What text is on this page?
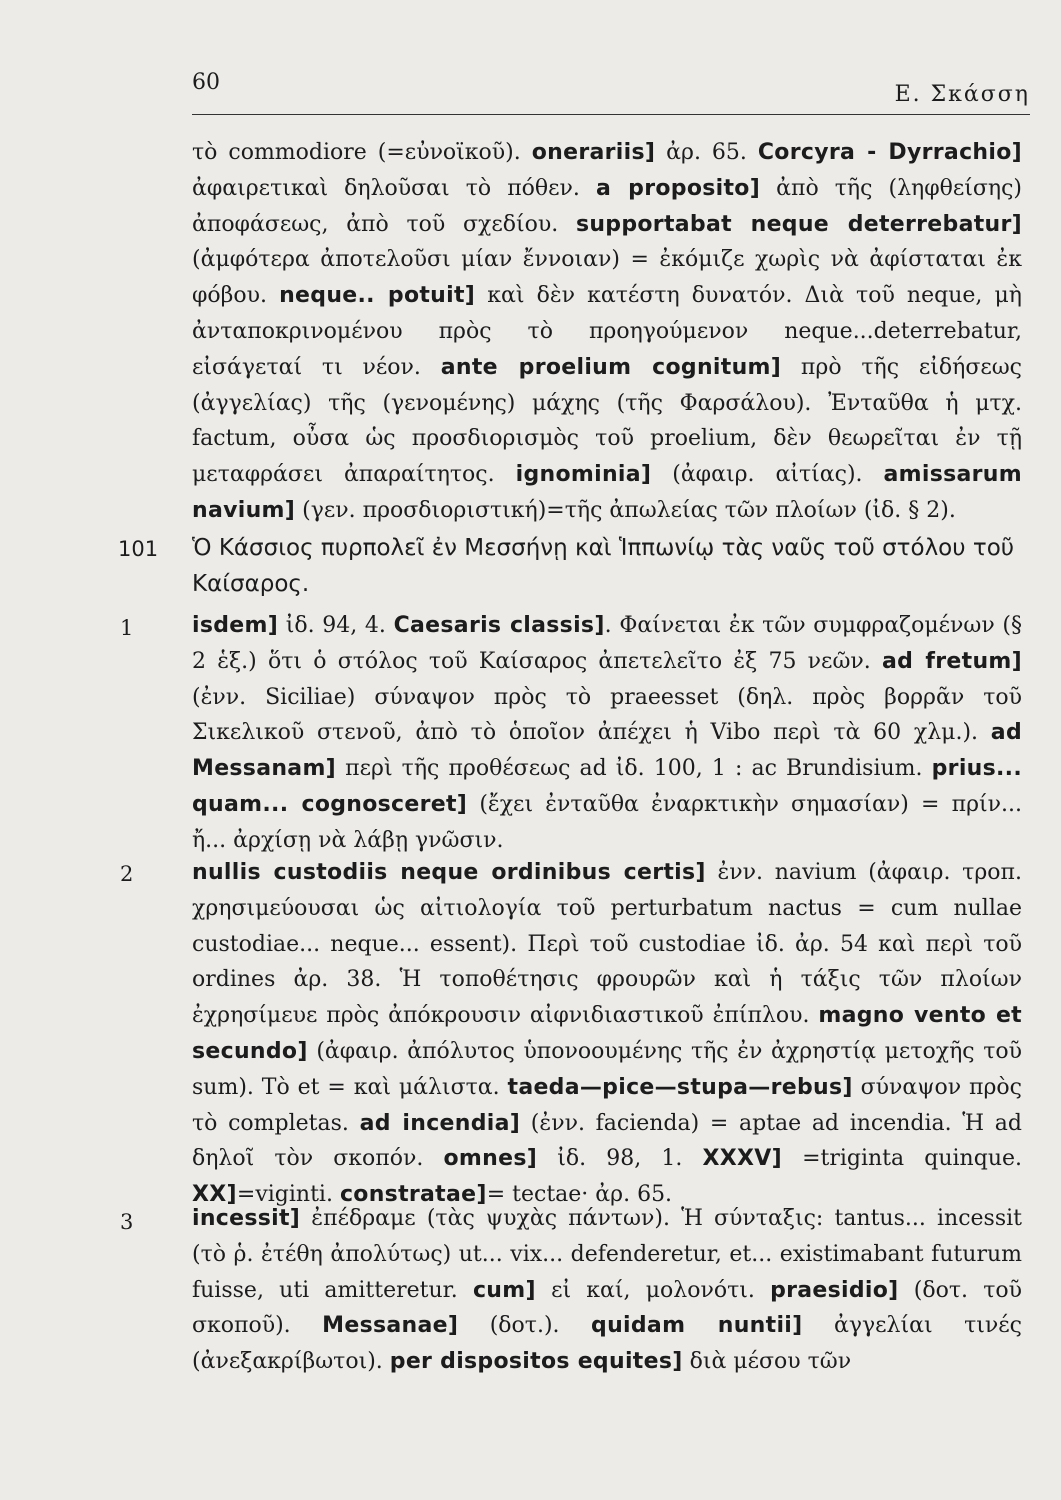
60	Ε. Σκάσση

τὸ commodiore (=εὐνοϊκοῦ). onerariis] ἀρ. 65. Corcyra - Dyrrachio] ἀφαιρετικαὶ δηλοῦσαι τὸ πόθεν. a proposito] ἀπὸ τῆς (ληφθείσης) ἀποφάσεως, ἀπὸ τοῦ σχεδίου. supportabat neque deterrebatur] (ἀμφότερα ἀποτελοῦσι μίαν ἔννοιαν) = ἐκόμιζε χωρὶς νὰ ἀφίσταται ἐκ φόβου. neque.. potuit] καὶ δὲν κατέστη δυνατόν. Διὰ τοῦ neque, μὴ ἀνταποκρινομένου πρὸς τὸ προηγούμενον neque...deterrebatur, εἰσάγεταί τι νέον. ante proelium cognitum] πρὸ τῆς εἰδήσεως (ἀγγελίας) τῆς (γενομένης) μάχης (τῆς Φαρσάλου). Ἐνταῦθα ἡ μτχ. factum, οὖσα ὡς προσδιορισμὸς τοῦ proelium, δὲν θεωρεῖται ἐν τῇ μεταφράσει ἀπαραίτητος. ignominia] (ἀφαιρ. αἰτίας). amissarum navium] (γεν. προσδιοριστική)=τῆς ἀπωλείας τῶν πλοίων (ἰδ. § 2).

101 Ὁ Κάσσιος πυρπολεῖ ἐν Μεσσήνῃ καὶ Ἱππωνίῳ τὰς ναῦς τοῦ στόλου τοῦ Καίσαρος.

1	isdem] ἰδ. 94, 4. Caesaris classis]. Φαίνεται ἐκ τῶν συμφραζομένων (§ 2 ἑξ.) ὅτι ὁ στόλος τοῦ Καίσαρος ἀπετελεῖτο ἐξ 75 νεῶν. ad fretum] (ἐνν. Siciliae) σύναψον πρὸς τὸ praeesset (δηλ. πρὸς βορρᾶν τοῦ Σικελικοῦ στενοῦ, ἀπὸ τὸ ὁποῖον ἀπέχει ἡ Vibo περὶ τὰ 60 χλμ.). ad Messanam] περὶ τῆς προθέσεως ad ἰδ. 100, 1 : ac Brundisium. prius... quam... cognosceret] (ἔχει ἐνταῦθα ἐναρκτικὴν σημασίαν) = πρίν... ἤ... ἀρχίσῃ νὰ λάβῃ γνῶσιν.

2	nullis custodiis neque ordinibus certis] ἐνν. navium (ἀφαιρ. τροπ. χρησιμεύουσαι ὡς αἰτιολογία τοῦ perturbatum nactus = cum nullae custodiae... neque... essent). Περὶ τοῦ custodiae ἰδ. ἀρ. 54 καὶ περὶ τοῦ ordines ἀρ. 38. Ἡ τοποθέτησις φρουρῶν καὶ ἡ τάξις τῶν πλοίων ἐχρησίμευε πρὸς ἀπόκρουσιν αἰφνιδιαστικοῦ ἐπίπλου. magno vento et secundo] (ἀφαιρ. ἀπόλυτος ὑπονοουμένης τῆς ἐν ἀχρηστίᾳ μετοχῆς τοῦ sum). Τὸ et = καὶ μάλιστα. taeda—pice—stupa—rebus] σύναψον πρὸς τὸ completas. ad incendia] (ἐνν. facienda) = aptae ad incendia. Ἡ ad δηλοῖ τὸν σκοπόν. omnes] ἰδ. 98, 1. XXXV] =triginta quinque. XX]=viginti. constratae]= tectae· ἀρ. 65.

3	incessit] ἐπέδραμε (τὰς ψυχὰς πάντων). Ἡ σύνταξις: tantus... incessit (τὸ ῥ. ἐτέθη ἀπολύτως) ut... vix... defenderetur, et... existimabant futurum fuisse, uti amitteretur. cum] εἰ καί, μολονότι. praesidio] (δοτ. τοῦ σκοποῦ). Messanae] (δοτ.). quidam nuntii] ἀγγελίαι τινές (ἀνεξακρίβωτοι). per dispositos equites] διὰ μέσου τῶν
